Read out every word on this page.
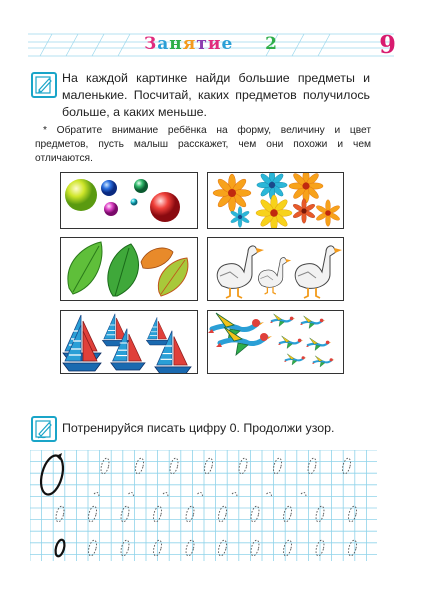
Занятие 2	9
На каждой картинке найди большие предметы и маленькие. Посчитай, каких предметов получилось больше, а каких меньше.
* Обратите внимание ребёнка на форму, величину и цвет предметов, пусть малыш расскажет, чем они похожи и чем отличаются.
Потренируйся писать цифру 0. Продолжи узор.
